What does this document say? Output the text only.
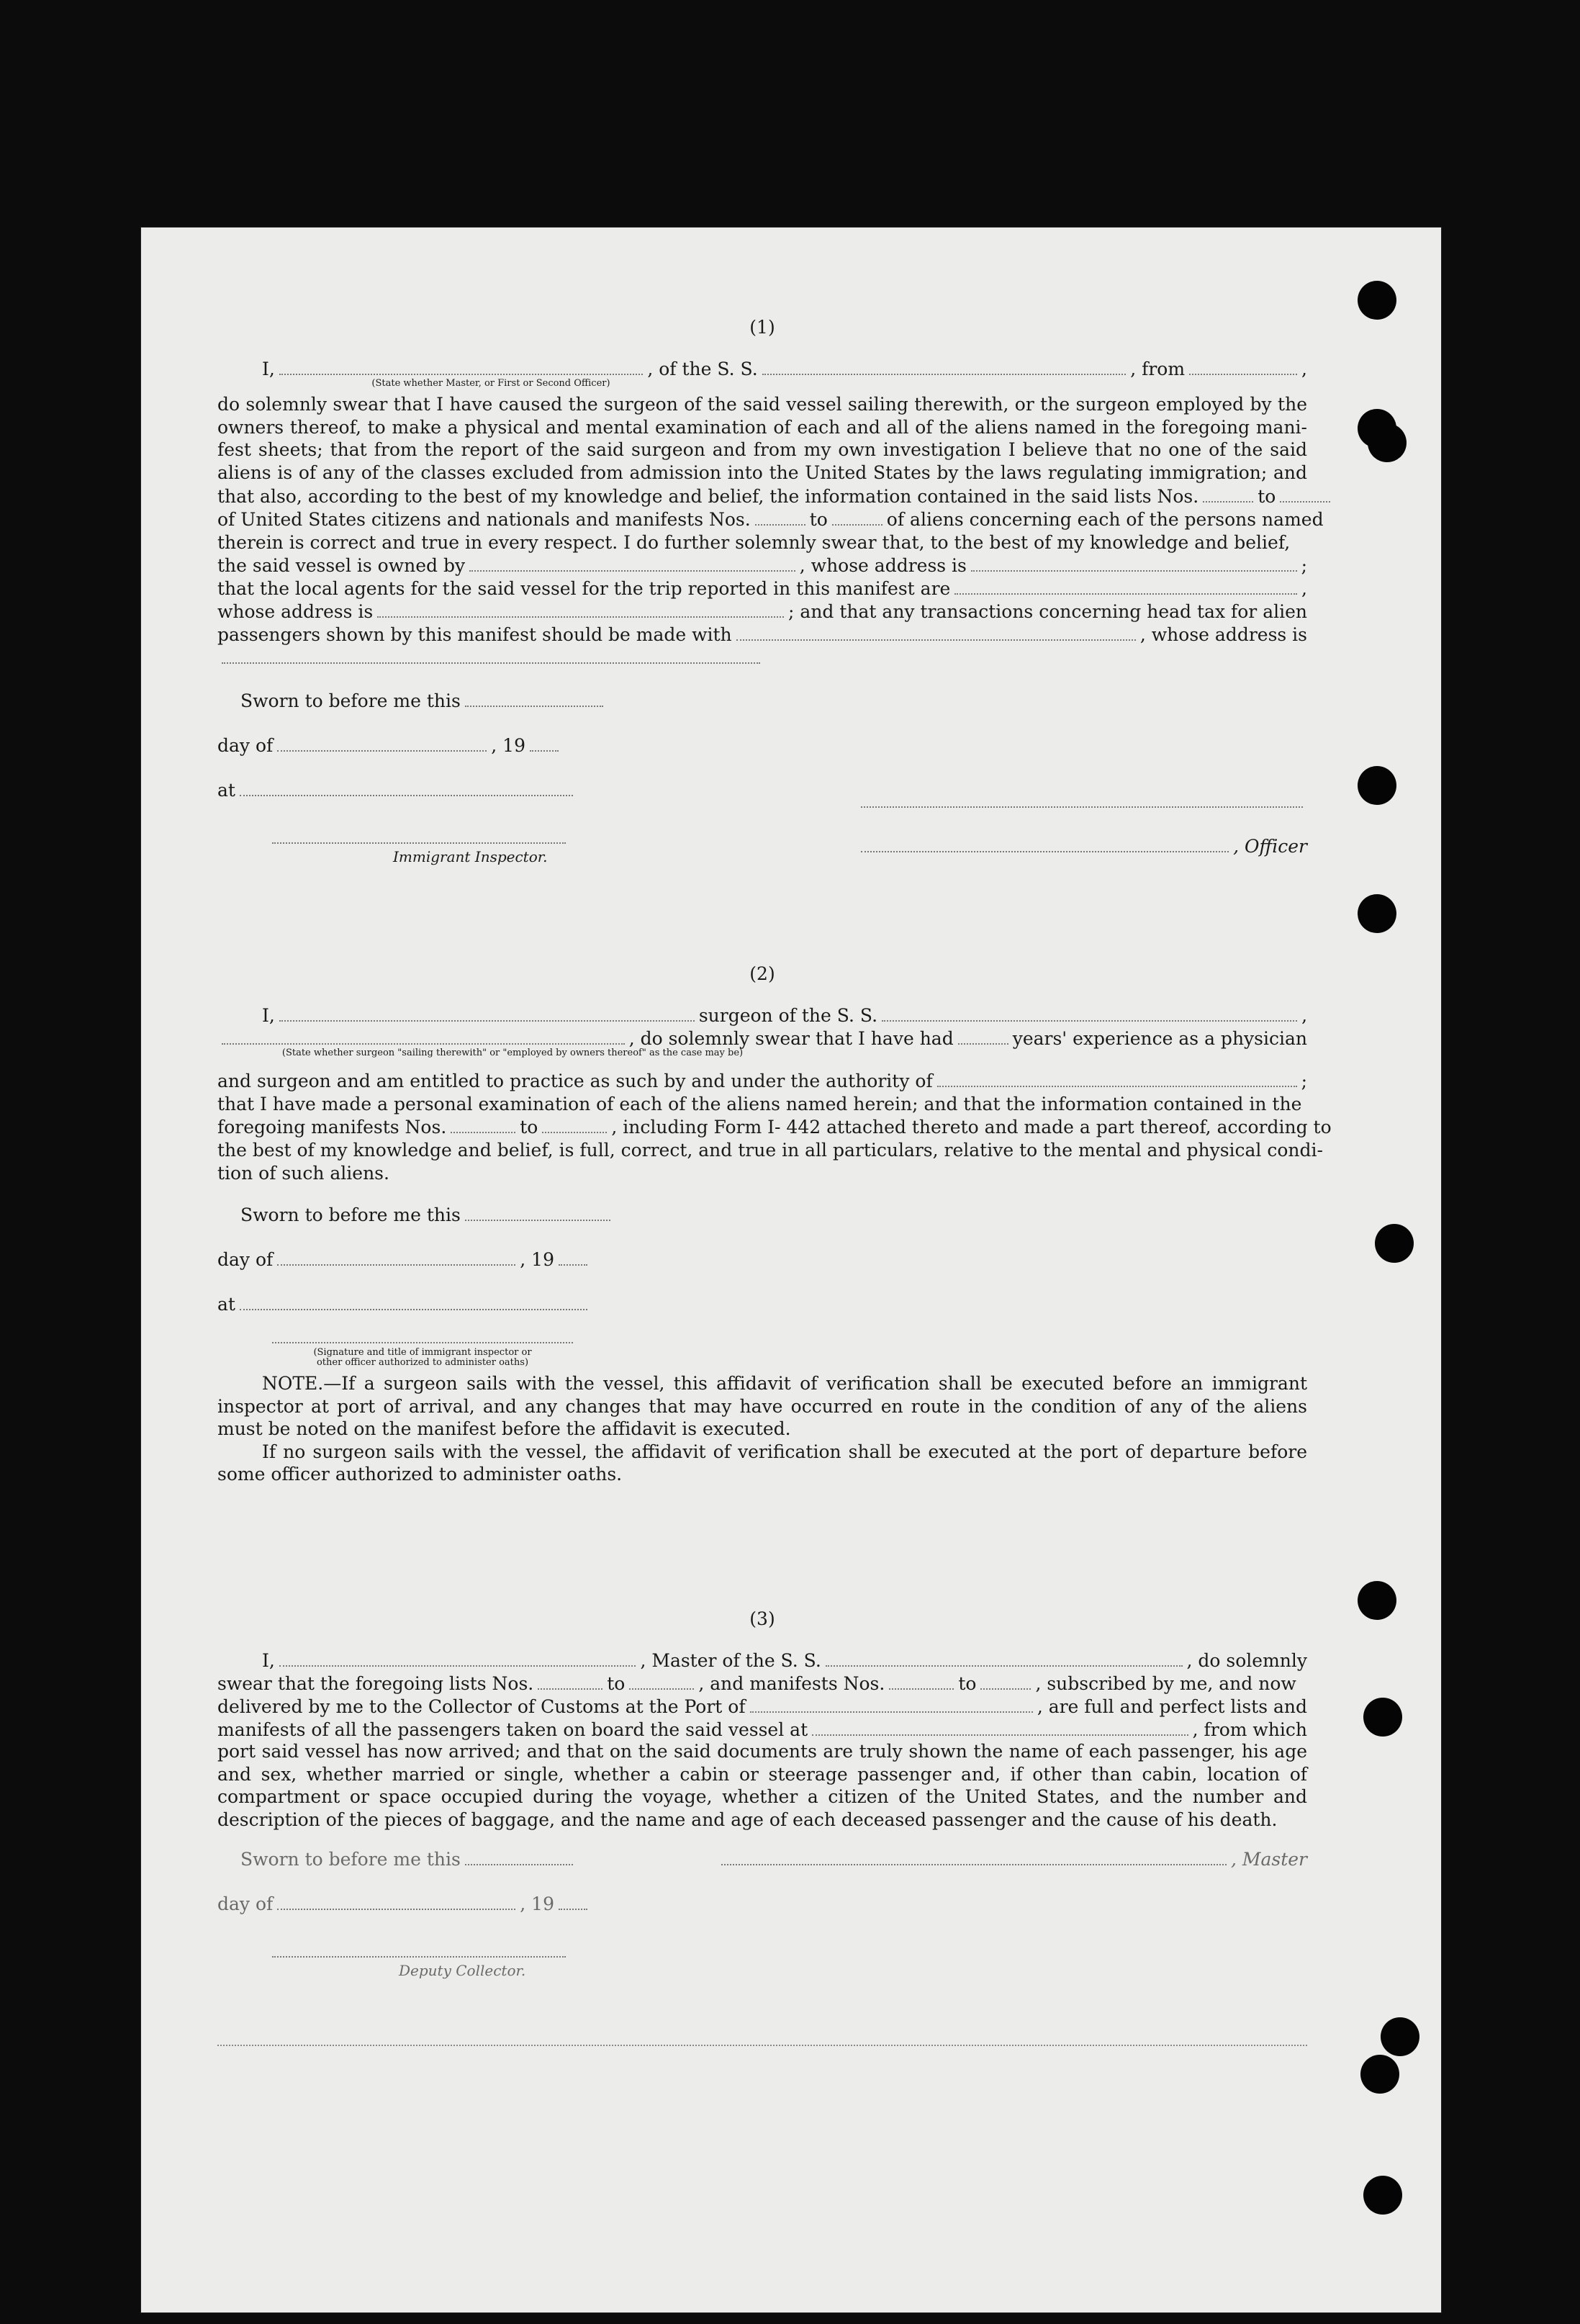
(1)
I,	, of the S. S.	, from	,
(State whether Master, or First or Second Officer)

do solemnly swear that I have caused the surgeon of the said vessel sailing therewith, or the surgeon employed by the owners thereof, to make a physical and mental examination of each and all of the aliens named in the foregoing mani- fest sheets; that from the report of the said surgeon and from my own investigation I believe that no one of the said aliens is of any of the classes excluded from admission into the United States by the laws regulating immigration; and

that also, according to the best of my knowledge and belief, the information contained in the said lists Nos.	to
of United States citizens and nationals and manifests Nos.	to	of aliens concerning each of the persons named
therein is correct and true in every respect. I do further solemnly swear that, to the best of my knowledge and belief,
the said vessel is owned by	, whose address is	;
that the local agents for the said vessel for the trip reported in this manifest are	,
whose address is	; and that any transactions concerning head tax for alien
passengers shown by this manifest should be made with	, whose address is
Sworn to before me this
day of	, 19
at
Immigrant Inspector.	, Officer
(2)
I,	surgeon of the S. S.	,
, do solemnly swear that I have had	years' experience as a physician
(State whether surgeon "sailing therewith" or "employed by owners thereof" as the case may be)
and surgeon and am entitled to practice as such by and under the authority of	;
that I have made a personal examination of each of the aliens named herein; and that the information contained in the
foregoing manifests Nos.	to	, including Form I- 442 attached thereto and made a part thereof, according to
the best of my knowledge and belief, is full, correct, and true in all particulars, relative to the mental and physical condi-
tion of such aliens.
Sworn to before me this
day of	, 19
at
(Signature and title of immigrant inspector or
other officer authorized to administer oaths)

NOTE.—If a surgeon sails with the vessel, this affidavit of verification shall be executed before an immigrant inspector at port of arrival, and any changes that may have occurred en route in the condition of any of the aliens must be noted on the manifest before the affidavit is executed.

If no surgeon sails with the vessel, the affidavit of verification shall be executed at the port of departure before some officer authorized to administer oaths.

(3)
I,	, Master of the S. S.	, do solemnly
swear that the foregoing lists Nos.	to	, and manifests Nos.	to	, subscribed by me, and now
delivered by me to the Collector of Customs at the Port of	, are full and perfect lists and
manifests of all the passengers taken on board the said vessel at	, from which

port said vessel has now arrived; and that on the said documents are truly shown the name of each passenger, his age and sex, whether married or single, whether a cabin or steerage passenger and, if other than cabin, location of compartment or space occupied during the voyage, whether a citizen of the United States, and the number and description of the pieces of baggage, and the name and age of each deceased passenger and the cause of his death.

Sworn to before me this	, Master
day of	, 19
Deputy Collector.
